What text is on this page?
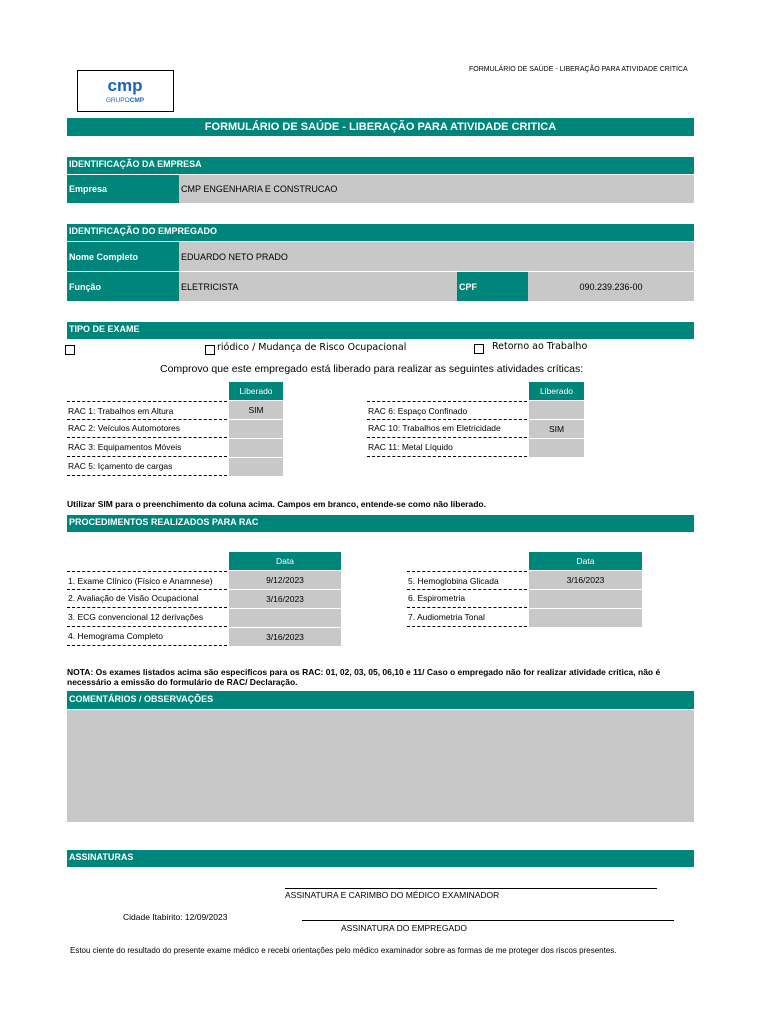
cmp
GRUPOCMP
FORMULÁRIO DE SAÚDE - LIBERAÇÃO PARA ATIVIDADE CRITICA
FORMULÁRIO DE SAÚDE - LIBERAÇÃO PARA ATIVIDADE CRITICA
IDENTIFICAÇÃO DA EMPRESA
Empresa	CMP ENGENHARIA E CONSTRUCAO
IDENTIFICAÇÃO DO EMPREGADO
Nome Completo	EDUARDO NETO PRADO
Função	ELETRICISTA	CPF	090.239.236-00
TIPO DE EXAME
riódico / Mudança de Risco Ocupacional	Retorno ao Trabalho
Comprovo que este empregado está liberado para realizar as seguintes atividades críticas:
Liberado	Liberado
RAC 1: Trabalhos em Altura	SIM
RAC 2: Veículos Automotores
RAC 3: Equipamentos Móveis
RAC 5: Içamento de cargas
RAC 6: Espaço Confinado
RAC 10: Trabalhos em Eletricidade	SIM
RAC 11: Metal Líquido
Utilizar SIM para o preenchimento da coluna acima. Campos em branco, entende-se como não liberado.
PROCEDIMENTOS REALIZADOS PARA RAC
Data	Data
1. Exame Clínico (Físico e Anamnese)	9/12/2023
2. Avaliação de Visão Ocupacional	3/16/2023
3. ECG convencional 12 derivações
4. Hemograma Completo	3/16/2023
5. Hemoglobina Glicada	3/16/2023
6. Espirometria
7. Audiometria Tonal
NOTA: Os exames listados acima são especificos para os RAC: 01, 02, 03, 05, 06,10 e 11/ Caso o empregado não for realizar atividade crítica, não é necessário a emissão do formulário de RAC/ Declaração.
COMENTÁRIOS / OBSERVAÇÕES
ASSINATURAS
ASSINATURA E CARIMBO DO MÉDICO EXAMINADOR
Cidade Itabirito: 12/09/2023
ASSINATURA DO EMPREGADO
Estou ciente do resultado do presente exame médico e recebi orientações pelo médico examinador sobre as formas de me proteger dos riscos presentes.
